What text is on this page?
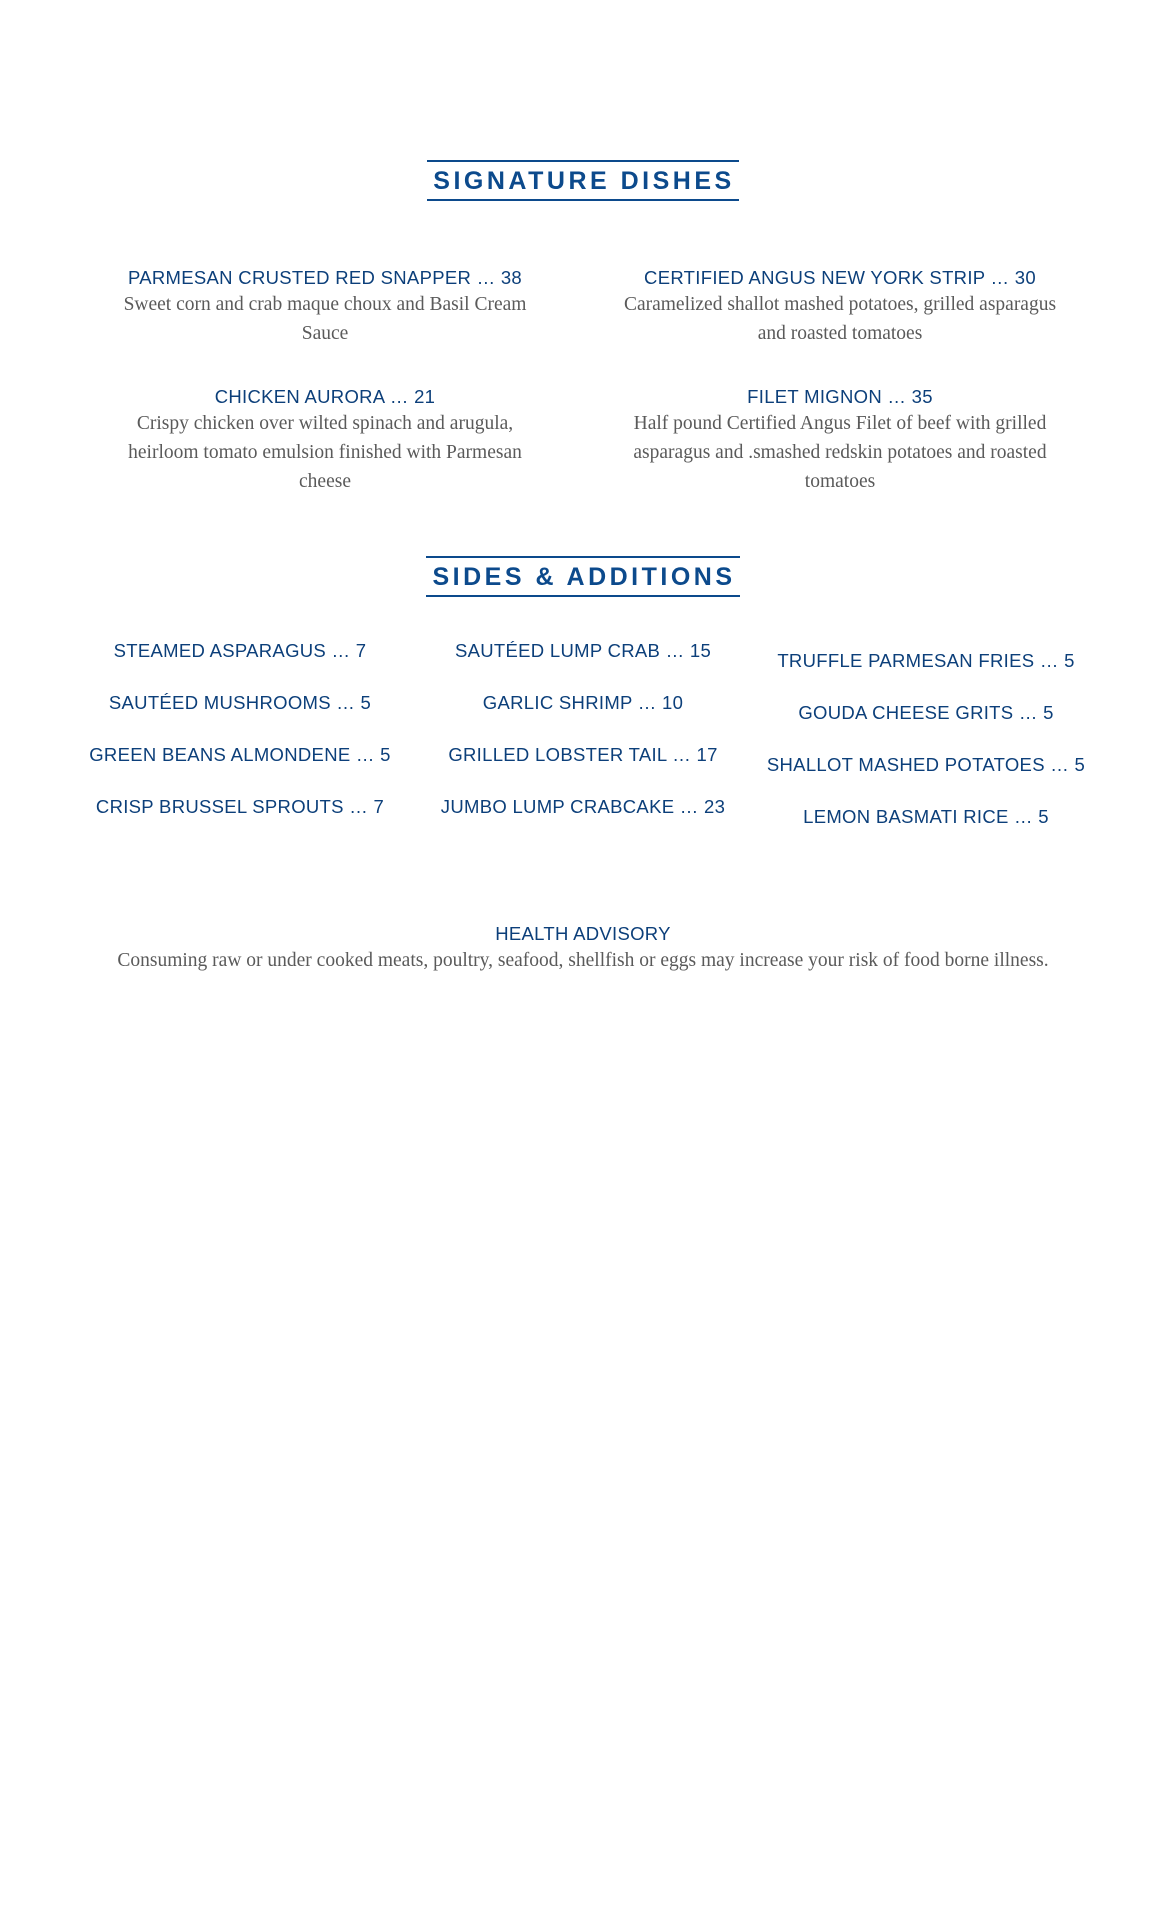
SIGNATURE DISHES
PARMESAN CRUSTED RED SNAPPER … 38
Sweet corn and crab maque choux and Basil Cream Sauce
CERTIFIED ANGUS NEW YORK STRIP … 30
Caramelized shallot mashed potatoes, grilled asparagus and roasted tomatoes
CHICKEN AURORA … 21
Crispy chicken over wilted spinach and arugula, heirloom tomato emulsion finished with Parmesan cheese
FILET MIGNON … 35
Half pound Certified Angus Filet of beef with grilled asparagus and .smashed redskin potatoes and roasted tomatoes
SIDES & ADDITIONS
STEAMED ASPARAGUS … 7
SAUTÉED MUSHROOMS … 5
GREEN BEANS ALMONDENE … 5
CRISP BRUSSEL SPROUTS … 7
SAUTÉED LUMP CRAB … 15
GARLIC SHRIMP … 10
GRILLED LOBSTER TAIL … 17
JUMBO LUMP CRABCAKE … 23
TRUFFLE PARMESAN FRIES … 5
GOUDA CHEESE GRITS … 5
SHALLOT MASHED POTATOES … 5
LEMON BASMATI RICE … 5
HEALTH ADVISORY
Consuming raw or under cooked meats, poultry, seafood, shellfish or eggs may increase your risk of food borne illness.
